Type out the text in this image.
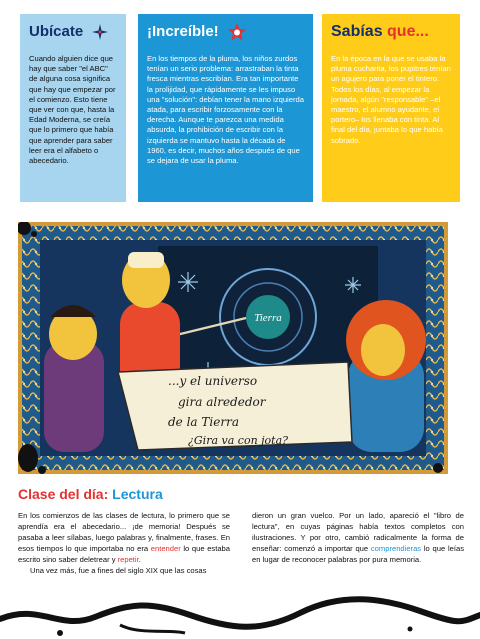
Ubícate
Cuando alguien dice que hay que saber "el ABC" de alguna cosa significa que hay que empezar por el comienzo. Esto tiene que ver con que, hasta la Edad Moderna, se creía que lo primero que había que aprender para saber leer era el alfabeto o abecedario.
¡Increíble!
En los tiempos de la pluma, los niños zurdos tenían un serio problema: arrastraban la tinta fresca mientras escribían. Era tan importante la prolijidad, que rápidamente se les impuso una "solución": debían tener la mano izquierda atada, para escribir forzosamente con la derecha. Aunque te parezca una medida absurda, la prohibición de escribir con la izquierda se mantuvo hasta la década de 1960, es decir, muchos años después de que se dejara de usar la pluma.
Sabías que...
En la época en la que se usaba la pluma cucharita, los pupitres tenían un agujero para poner el tintero. Todos los días, al empezar la jornada, algún "responsable" –el maestro, el alumno ayudante, el portero– los llenaba con tinta. Al final del día, juntaba lo que había sobrado.
Tierra
...y el universo
gira alrededor
de la Tierra
¿Gira va con jota?
Clase del día: Lectura
En los comienzos de las clases de lectura, lo primero que se aprendía era el abecedario... ¡de memoria! Después se pasaba a leer sílabas, luego palabras y, finalmente, frases. En esos tiempos lo que importaba no era entender lo que estaba escrito sino saber deletrear y repetir.
Una vez más, fue a fines del siglo XIX que las cosas
dieron un gran vuelco. Por un lado, apareció el "libro de lectura", en cuyas páginas había textos completos con ilustraciones. Y por otro, cambió radicalmente la forma de enseñar: comenzó a importar que comprendieras lo que leías en lugar de reconocer palabras por pura memoria.
